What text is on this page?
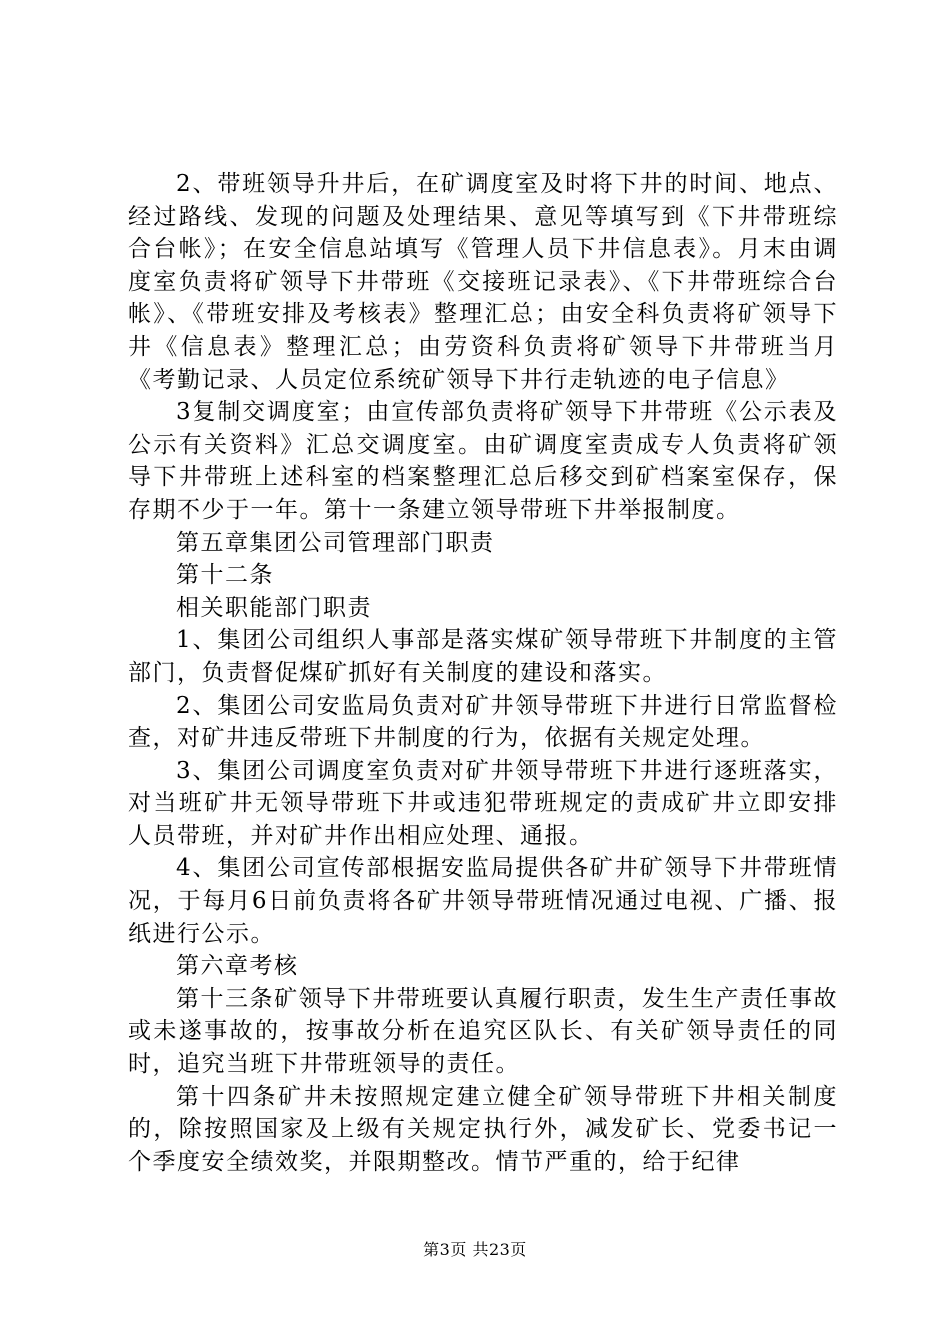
2、带班领导升井后，在矿调度室及时将下井的时间、地点、经过路线、发现的问题及处理结果、意见等填写到《下井带班综合台帐》；在安全信息站填写《管理人员下井信息表》。月末由调度室负责将矿领导下井带班《交接班记录表》、《下井带班综合台帐》、《带班安排及考核表》整理汇总；由安全科负责将矿领导下井《信息表》整理汇总；由劳资科负责将矿领导下井带班当月《考勤记录、人员定位系统矿领导下井行走轨迹的电子信息》

3复制交调度室；由宣传部负责将矿领导下井带班《公示表及公示有关资料》汇总交调度室。由矿调度室责成专人负责将矿领导下井带班上述科室的档案整理汇总后移交到矿档案室保存，保存期不少于一年。第十一条建立领导带班下井举报制度。

第五章集团公司管理部门职责

第十二条

相关职能部门职责

1、集团公司组织人事部是落实煤矿领导带班下井制度的主管部门，负责督促煤矿抓好有关制度的建设和落实。

2、集团公司安监局负责对矿井领导带班下井进行日常监督检查，对矿井违反带班下井制度的行为，依据有关规定处理。

3、集团公司调度室负责对矿井领导带班下井进行逐班落实，对当班矿井无领导带班下井或违犯带班规定的责成矿井立即安排人员带班，并对矿井作出相应处理、通报。

4、集团公司宣传部根据安监局提供各矿井矿领导下井带班情况，于每月6日前负责将各矿井领导带班情况通过电视、广播、报纸进行公示。

第六章考核

第十三条矿领导下井带班要认真履行职责，发生生产责任事故或未遂事故的，按事故分析在追究区队长、有关矿领导责任的同时，追究当班下井带班领导的责任。

第十四条矿井未按照规定建立健全矿领导带班下井相关制度的，除按照国家及上级有关规定执行外，减发矿长、党委书记一个季度安全绩效奖，并限期整改。情节严重的，给于纪律

第3页 共23页
